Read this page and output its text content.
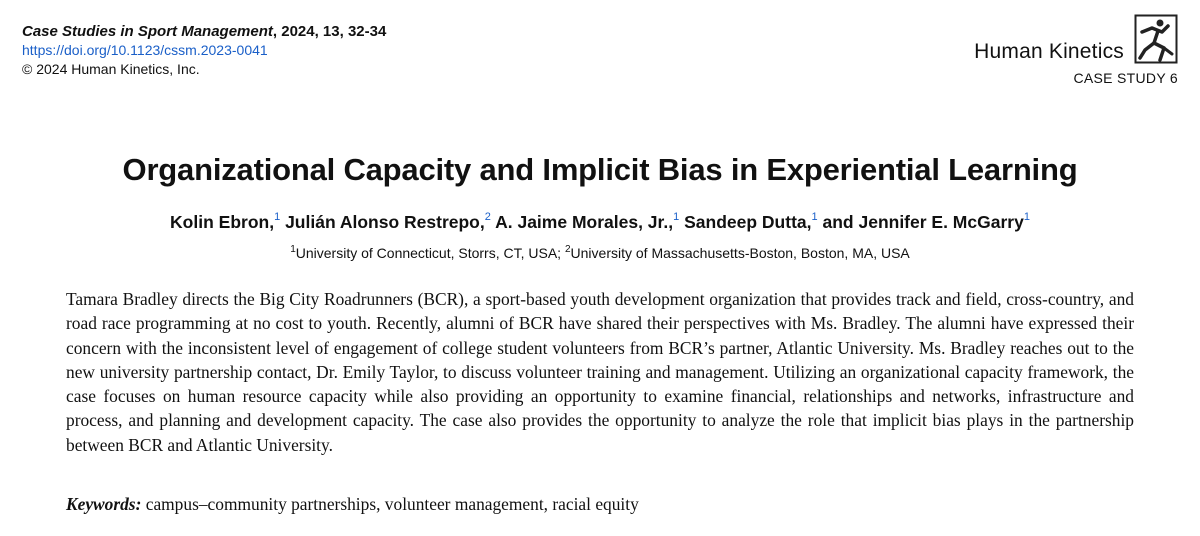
Case Studies in Sport Management, 2024, 13, 32-34
https://doi.org/10.1123/cssm.2023-0041
© 2024 Human Kinetics, Inc.
Human Kinetics
CASE STUDY 6
Organizational Capacity and Implicit Bias in Experiential Learning
Kolin Ebron,$^1$ Julián Alonso Restrepo,$^2$ A. Jaime Morales, Jr.,$^1$ Sandeep Dutta,$^1$ and Jennifer E. McGarry$^1$
$^1$University of Connecticut, Storrs, CT, USA; $^2$University of Massachusetts-Boston, Boston, MA, USA

Tamara Bradley directs the Big City Roadrunners (BCR), a sport-based youth development organization that provides track and field, cross-country, and road race programming at no cost to youth. Recently, alumni of BCR have shared their perspectives with Ms. Bradley. The alumni have expressed their concern with the inconsistent level of engagement of college student volunteers from BCR’s partner, Atlantic University. Ms. Bradley reaches out to the new university partnership contact, Dr. Emily Taylor, to discuss volunteer training and management. Utilizing an organizational capacity framework, the case focuses on human resource capacity while also providing an opportunity to examine financial, relationships and networks, infrastructure and process, and planning and development capacity. The case also provides the opportunity to analyze the role that implicit bias plays in the partnership between BCR and Atlantic University.

Keywords: campus–community partnerships, volunteer management, racial equity
